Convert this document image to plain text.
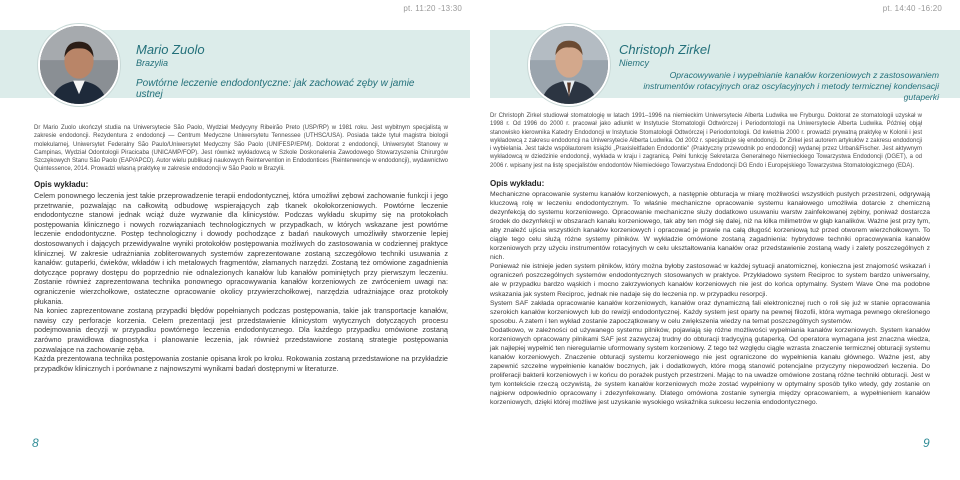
pt. 11:20 -13:30
Mario Zuolo
Brazylia
Powtórne leczenie endodontyczne: jak zachować zęby w jamie ustnej
Dr Mario Zuolo ukończył studia na Uniwersytecie São Paolo, Wydział Medycyny Ribeirão Preto (USP/RP) w 1981 roku. Jest wybitnym specjalistą w zakresie endodoncji. Rezydentura z endodoncji — Centrum Medyczne Uniwersytetu Tennessee (UTHSC/USA). Posiada także tytuł magistra biologii molekularnej, Uniwersytet Federalny São Paulo/Uniwersytet Medyczny São Paolo (UNIFESP/EPM). Doktorat z endodoncji, Uniwersytet Stanowy w Campinas, Wydział Odontologii Piracicaba (UNICAMP/FOP). Jest również wykładowcą w Szkole Doskonalenia Zawodowego Stowarzyszenia Chirurgów Szczękowych Stanu São Paolo (EAP/APCD). Autor wielu publikacji naukowych Reintervention in Endodontices (Reinterwencje w endodoncji), wydawnictwo Quintessence, 2014. Prowadzi własną praktykę w zakresie endodoncji w São Paolo w Brazylii.
Opis wykładu:

Celem ponownego leczenia jest takie przeprowadzenie terapii endodontycznej, która umożliwi zębowi zachowanie funkcji i jego przetrwanie, pozwalając na całkowitą odbudowę wspierających ząb tkanek okołokorzeniowych. Powtórne leczenie endodontyczne stanowi jednak wciąż duże wyzwanie dla klinicystów. Podczas wykładu skupimy się na protokołach postępowania klinicznego i nowych rozwiązaniach technologicznych w przypadkach, w których wskazane jest powtórne leczenie endodontyczne. Postęp technologiczny i dowody pochodzące z badań naukowych umożliwiły stworzenie lepiej dostosowanych i dających przewidywalne wyniki protokołów postępowania możliwych do zastosowania w codziennej praktyce klinicznej. W zakresie udrażniania zobliterowanych systemów zaprezentowane zostaną szczegółowo techniki usuwania z kanałów: gutaperki, ćwieków, wkładów i ich metalowych fragmentów, złamanych narzędzi. Zostaną też omówione zagadnienia dotyczące poprawy dostępu do poprzednio nie odnalezionych kanałów lub kanałów pominiętych przy pierwszym leczeniu. Zostanie również zaprezentowana technika ponownego opracowywania kanałów korzeniowych ze zwróceniem uwagi na: ograniczenie wierzchołkowe, ostateczne opracowanie okolicy przywierzchołkowej, narzędzia udrażniające oraz protokoły płukania.

Na koniec zaprezentowane zostaną przypadki błędów popełnianych podczas postępowania, takie jak transportacje kanałów, nawisy czy perforacje korzenia. Celem prezentacji jest przedstawienie klinicystom wytycznych dotyczących procesu podejmowania decyzji w przypadku powtórnego leczenia endodontycznego. Dla każdego przypadku omówione zostaną zarówno prawidłowa diagnostyka i planowanie leczenia, jak również przedstawione zostaną strategie postępowania pozwalające na zachowanie zęba.

Każda prezentowana technika postępowania zostanie opisana krok po kroku. Rokowania zostaną przedstawione na przykładzie przypadków klinicznych i porównane z najnowszymi wynikami badań dostępnymi w literaturze.

8
pt. 14:40 -16:20
Christoph Zirkel
Niemcy
Opracowywanie i wypełnianie kanałów korzeniowych z zastosowaniem instrumentów rotacyjnych oraz oscylacyjnych i metody termicznej kondensacji gutaperki
Dr Christoph Zirkel studiował stomatologię w latach 1991–1996 na niemieckim Uniwersytecie Alberta Ludwika we Fryburgu. Doktorat ze stomatologii uzyskał w 1998 r. Od 1996 do 2000 r. pracował jako adiunkt w Instytucie Stomatologii Odtwórczej i Periodontologii na Uniwersytecie Alberta Ludwika. Później objął stanowisko kierownika Katedry Endodoncji w Instytucie Stomatologii Odtwórczej i Periodontologii. Od kwietnia 2000 r. prowadzi prywatną praktykę w Kolonii i jest wykładowcą z zakresu endodoncji na Uniwersytecie Alberta Ludwika. Od 2002 r. specjalizuje się endodoncji. Dr Zirkel jest autorem artykułów z zakresu endodoncji i wybielania. Jest także współautorem książki „Praxisleitfaden Endodontie" (Praktyczny przewodnik po endodoncji) wydanej przez Urban&Fischer. Jest aktywnym wykładowcą w dziedzinie endodoncji, wykłada w kraju i zagranicą. Pełni funkcję Sekretarza Generalnego Niemieckiego Towarzystwa Endodoncji (DGET), a od 2006 r. wpisany jest na listę specjalistów endodontów Niemieckiego Towarzystwa Endodoncji DG Endo i Europejskiego Towarzystwa Stomatologicznego (EDA).
Opis wykładu:

Mechaniczne opracowanie systemu kanałów korzeniowych, a następnie obturacja w miarę możliwości wszystkich pustych przestrzeni, odgrywają kluczową rolę w leczeniu endodontycznym. To właśnie mechaniczne opracowanie systemu kanałowego umożliwia dotarcie z chemiczną dezynfekcją do systemu korzeniowego. Opracowanie mechaniczne służy dodatkowo usuwaniu warstw zainfekowanej zębiny, poniważ dostarcza środek do dezynfekcji w obszarach kanału korzeniowego, tak aby ten mógł się dalej, niż na kilka milimetrów w głąb kanalików. Ważne jest przy tym, aby znaleźć ujścia wszystkich kanałów korzeniowych i opracować je prawie na całą długość korzeniową tuż przed otworem wierzchołkowym. To ciągle tego celu służą różne systemy pilników. W wykładzie omówione zostaną zagadnienia: hybrydowe techniki opracowywania kanałów korzeniowych przy użyciu instrumentów rotacyjnych w celu ukształtowania kanałów oraz przedstawienie zostaną wady i zalety poszczególnych z nich.

Ponieważ nie istnieje jeden system pilników, który można byłoby zastosować w każdej sytuacji anatomicznej, konieczna jest znajomość wskazań i ograniczeń poszczególnych systemów endodontycznych stosowanych w praktyce. Przykładowo system Reciproc to system bardzo uniwersalny, ale w przypadku bardzo wąskich i mocno zakrzywionych kanałów korzeniowych nie jest do końca optymalny. System Wave One ma podobne wskazania jak system Reciproc, jednak nie nadaje się do leczenia np. w przypadku resorpcji.

System SAF zakłada opracowanie kanałów korzeniowych, kanałów oraz dynamiczną fali elektronicznej ruch o roli się już w stanie opracowania szerokich kanałów korzeniowych lub do rewizji endodontycznej. Każdy system jest oparty na pewnej filozofii, która wymaga pewnego określonego sposobu. A zatem i ten wykład zostanie zapoczątkowany w celu zwiększenia wiedzy na temat poszczególnych systemów.

Dodatkowo, w zależności od używanego systemu pilników, pojawiają się różne możliwości wypełniania kanałów korzeniowych. System kanałów korzeniowych opracowany pilnikami SAF jest zazwyczaj trudny do obturacji tradycyjną gutaperką. Od operatora wymagana jest znaczna wiedza, jak najlepiej wypełnić ten nieregularnie uformowany system korzeniowy. Z tego też względu ciągle wzrasta znaczenie termicznej obturacji systemu kanałów korzeniowych. Znaczenie obturacji systemu korzeniowego nie jest ograniczone do wypełnienia kanału głównego. Ważne jest, aby zapewnić szczelne wypełnienie kanałów bocznych, jak i dodatkowych, które mogą stanowić potencjalne przyczyny niepowodzeń leczenia. Do proliferacji bakterii korzeniowych i w końcu do porażek pustych przestrzeni. Mając to na uwadze omówione zostaną różne techniki obturacji. Jest w tym kontekście rzeczą oczywistą, że system kanałów korzeniowych może zostać wypełniony w optymalny sposób tylko wtedy, gdy zostanie on najpierw odpowiednio opracowany i zdezynfekowany. Dlatego omówiona zostanie synergia między opracowaniem, a wypełnieniem kanałów korzeniowych, dzięki której możliwe jest uzyskanie wysokiego wskaźnika sukcesu leczenia endodontycznego.

9
